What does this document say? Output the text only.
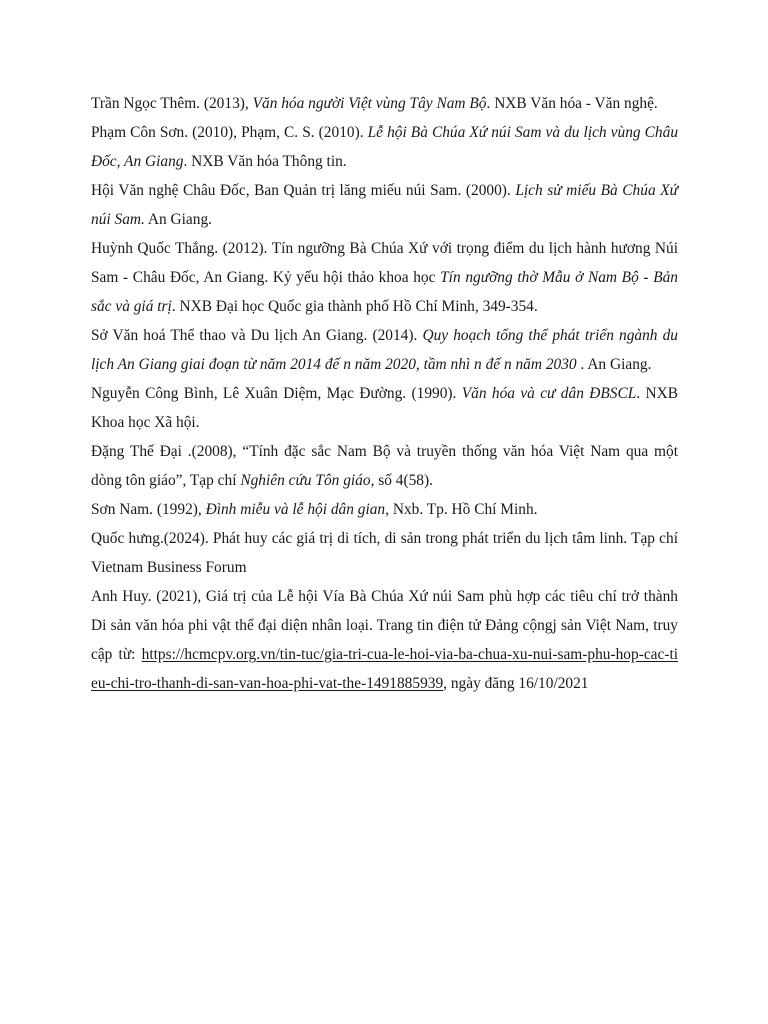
Trần Ngọc Thêm. (2013), Văn hóa người Việt vùng Tây Nam Bộ. NXB Văn hóa - Văn nghệ.

Phạm Côn Sơn. (2010), Phạm, C. S. (2010). Lễ hội Bà Chúa Xứ núi Sam và du lịch vùng Châu Đốc, An Giang. NXB Văn hóa Thông tin.

Hội Văn nghệ Châu Đốc, Ban Quản trị lăng miếu núi Sam. (2000). Lịch sử miếu Bà Chúa Xứ núi Sam. An Giang.

Huỳnh Quốc Thắng. (2012). Tín ngưỡng Bà Chúa Xứ với trọng điểm du lịch hành hương Núi Sam - Châu Đốc, An Giang. Kỷ yếu hội thảo khoa học Tín ngưỡng thờ Mẫu ở Nam Bộ - Bản sắc và giá trị. NXB Đại học Quốc gia thành phố Hồ Chí Minh, 349-354.

Sở Văn hoá Thể thao và Du lịch An Giang. (2014). Quy hoạch tổng thể phát triển ngành du lịch An Giang giai đoạn từ năm 2014 đế n năm 2020, tầm nhì n đế n năm 2030 . An Giang.

Nguyễn Công Bình, Lê Xuân Diệm, Mạc Đường. (1990). Văn hóa và cư dân ĐBSCL. NXB Khoa học Xã hội.

Đặng Thế Đại .(2008), “Tính đặc sắc Nam Bộ và truyền thống văn hóa Việt Nam qua một dòng tôn giáo”, Tạp chí Nghiên cứu Tôn giáo, số 4(58).

Sơn Nam. (1992), Đình miễu và lễ hội dân gian, Nxb. Tp. Hồ Chí Minh.

Quốc hưng.(2024). Phát huy các giá trị di tích, di sản trong phát triển du lịch tâm linh. Tạp chí Vietnam Business Forum

Anh Huy. (2021), Giá trị của Lễ hội Vía Bà Chúa Xứ núi Sam phù hợp các tiêu chí trở thành Di sản văn hóa phi vật thể đại diện nhân loại. Trang tin điện tử Đảng cộngj sản Việt Nam, truy cập từ: https://hcmcpv.org.vn/tin-tuc/gia-tri-cua-le-hoi-via-ba-chua-xu-nui-sam-phu-hop-cac-tieu-chi-tro-thanh-di-san-van-hoa-phi-vat-the-1491885939, ngày đăng 16/10/2021
